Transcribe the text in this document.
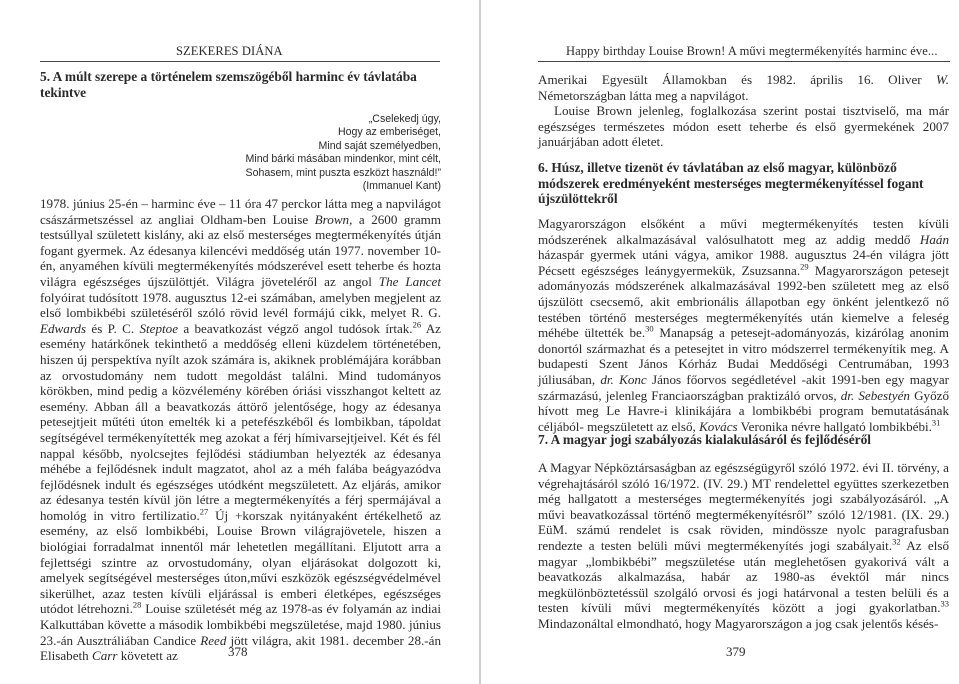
SZEKERES DIÁNA
5. A múlt szerepe a történelem szemszögéből harminc év távlatába tekintve
„Cselekedj úgy,
Hogy az emberiséget,
Mind saját személyedben,
Mind bárki másában mindenkor, mint célt,
Sohasem, mint puszta eszközt használd!”
(Immanuel Kant)

1978. június 25-én – harminc éve – 11 óra 47 perckor látta meg a napvilágot császármetszéssel az angliai Oldham-ben Louise Brown, a 2600 gramm testsúllyal született kislány, aki az első mesterséges megtermékenyítés útján fogant gyermek. Az édesanya kilencévi meddőség után 1977. november 10-én, anyaméhen kívüli megtermékenyítés módszerével esett teherbe és hozta világra egészséges újszülöttjét. Világra jöveteléről az angol The Lancet folyóirat tudósított 1978. augusztus 12-ei számában, amelyben megjelent az első lombikbébi születéséről szóló rövid levél formájú cikk, melyet R. G. Edwards és P. C. Steptoe a beavatkozást végző angol tudósok írtak.$^{26}$ Az esemény határkőnek tekinthető a meddőség elleni küzdelem történetében, hiszen új perspektíva nyílt azok számára is, akiknek problémájára korábban az orvostudomány nem tudott megoldást találni. Mind tudományos körökben, mind pedig a közvélemény körében óriási visszhangot keltett az esemény. Abban áll a beavatkozás áttörő jelentősége, hogy az édesanya petesejtjeit műtéti úton emelték ki a petefészkéből és lombikban, tápoldat segítségével termékenyítették meg azokat a férj hímivarsejtjeivel. Két és fél nappal később, nyolcsejtes fejlődési stádiumban helyezték az édesanya méhébe a fejlődésnek indult magzatot, ahol az a méh falába beágyazódva fejlődésnek indult és egészséges utódként megszületett. Az eljárás, amikor az édesanya testén kívül jön létre a megtermékenyítés a férj spermájával a homológ in vitro fertilizatio.$^{27}$ Új +korszak nyitányaként értékelhető az esemény, az első lombikbébi, Louise Brown világrajövetele, hiszen a biológiai forradalmat innentől már lehetetlen megállítani. Eljutott arra a fejlettségi szintre az orvostudomány, olyan eljárásokat dolgozott ki, amelyek segítségével mesterséges úton,művi eszközök egészségvédelmével sikerülhet, azaz testen kívüli eljárással is emberi életképes, egészséges utódot létrehozni.$^{28}$ Louise születését még az 1978-as év folyamán az indiai Kalkuttában követte a második lombikbébi megszületése, majd 1980. június 23.-án Ausztráliában Candice Reed jött világra, akit 1981. december 28.-án Elisabeth Carr követett az	378
Happy birthday Louise Brown! A művi megtermékenyítés harminc éve...

Amerikai Egyesült Államokban és 1982. április 16. Oliver W. Németországban látta meg a napvilágot.

Louise Brown jelenleg, foglalkozása szerint postai tisztviselő, ma már egészséges természetes módon esett teherbe és első gyermekének 2007 januárjában adott életet.

6. Húsz, illetve tizenöt év távlatában az első magyar, különböző módszerek eredményeként mesterséges megtermékenyítéssel fogant újszülöttekről

Magyarországon elsőként a művi megtermékenyítés testen kívüli módszerének alkalmazásával valósulhatott meg az addig meddő Haán házaspár gyermek utáni vágya, amikor 1988. augusztus 24-én világra jött Pécsett egészséges leánygyermekük, Zsuzsanna.$^{29}$ Magyarországon petesejt adományozás módszerének alkalmazásával 1992-ben született meg az első újszülött csecsemő, akit embrionális állapotban egy önként jelentkező nő testében történő mesterséges megtermékenyítés után kiemelve a feleség méhébe ültették be.$^{30}$ Manapság a petesejt-adományozás, kizárólag anonim donortól származhat és a petesejtet in vitro módszerrel termékenyítik meg. A budapesti Szent János Kórház Budai Meddőségi Centrumában, 1993 júliusában, dr. Konc János főorvos segédletével -akit 1991-ben egy magyar származású, jelenleg Franciaországban praktizáló orvos, dr. Sebestyén Győző hívott meg Le Havre-i klinikájára a lombikbébi program bemutatásának céljából- megszületett az első, Kovács Veronika névre hallgató lombikbébi.$^{31}$

7. A magyar jogi szabályozás kialakulásáról és fejlődéséről

A Magyar Népköztársaságban az egészségügyről szóló 1972. évi II. törvény, a végrehajtásáról szóló 16/1972. (IV. 29.) MT rendelettel együttes szerkezetben még hallgatott a mesterséges megtermékenyítés jogi szabályozásáról. „A művi beavatkozással történő megtermékenyítésről” szóló 12/1981. (IX. 29.) EüM. számú rendelet is csak röviden, mindössze nyolc paragrafusban rendezte a testen belüli művi megtermékenyítés jogi szabályait.$^{32}$ Az első magyar „lombikbébi” megszületése után meglehetősen gyakorivá vált a beavatkozás alkalmazása, habár az 1980-as évektől már nincs megkülönböztetéssül szolgáló orvosi és jogi határvonal a testen belüli és a testen kívüli művi megtermékenyítés között a jogi gyakorlatban.$^{33}$ Mindazonáltal elmondható, hogy Magyarországon a jog csak jelentős késés-

379
